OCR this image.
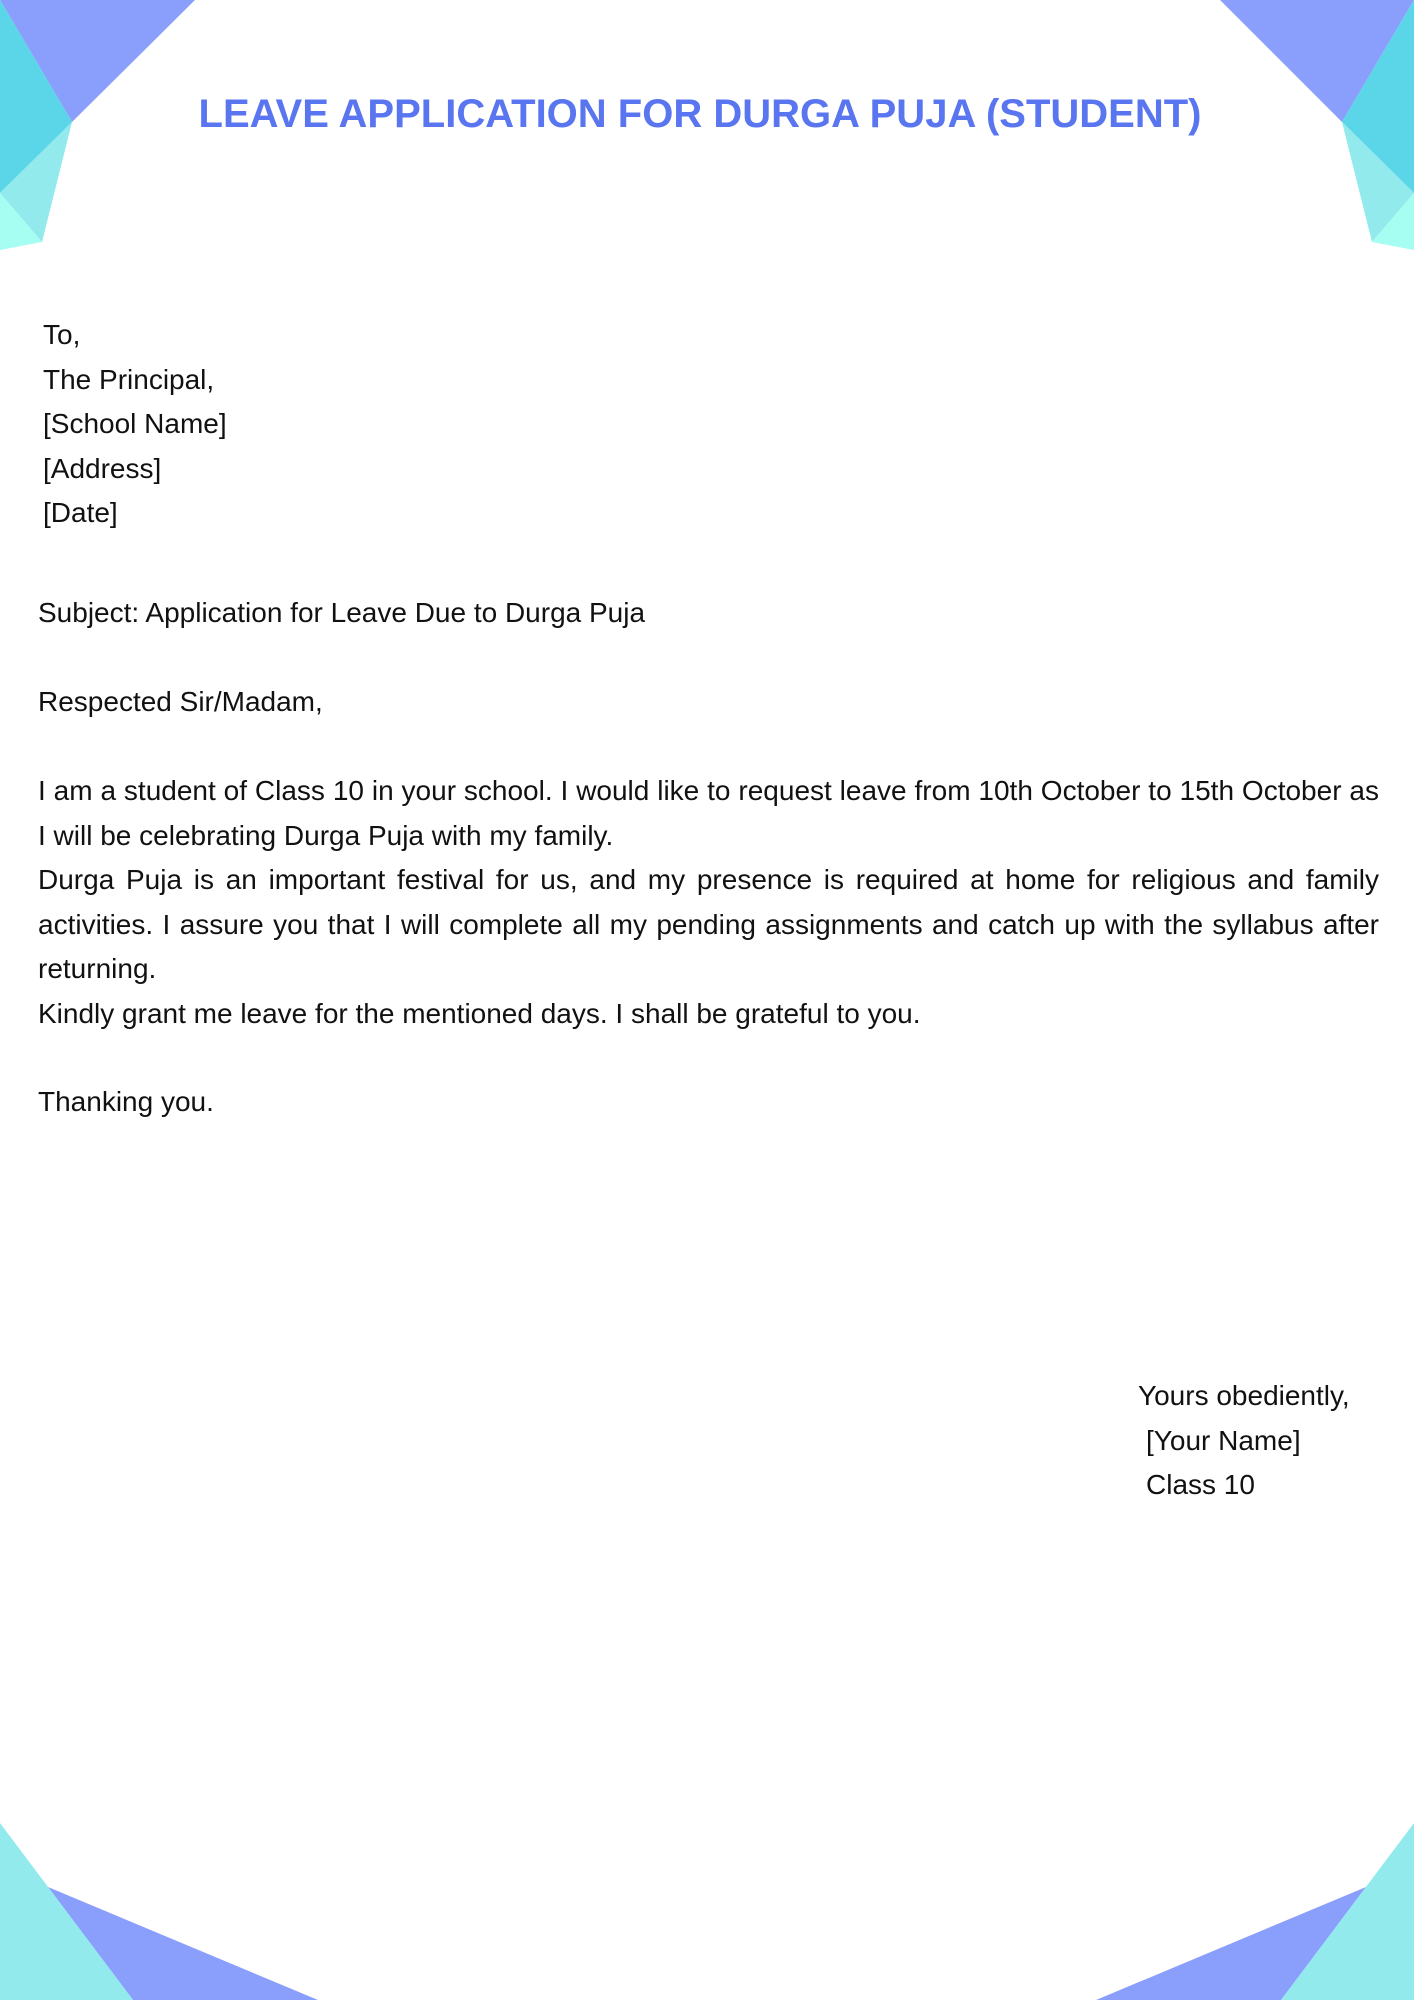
LEAVE APPLICATION FOR DURGA PUJA (STUDENT)
To,
The Principal,
[School Name]
[Address]
[Date]
Subject: Application for Leave Due to Durga Puja
Respected Sir/Madam,

I am a student of Class 10 in your school. I would like to request leave from 10th October to 15th October as I will be celebrating Durga Puja with my family.

Durga Puja is an important festival for us, and my presence is required at home for religious and family activities. I assure you that I will complete all my pending assignments and catch up with the syllabus after returning.

Kindly grant me leave for the mentioned days. I shall be grateful to you.

Thanking you.
Yours obediently,
[Your Name]
Class 10
